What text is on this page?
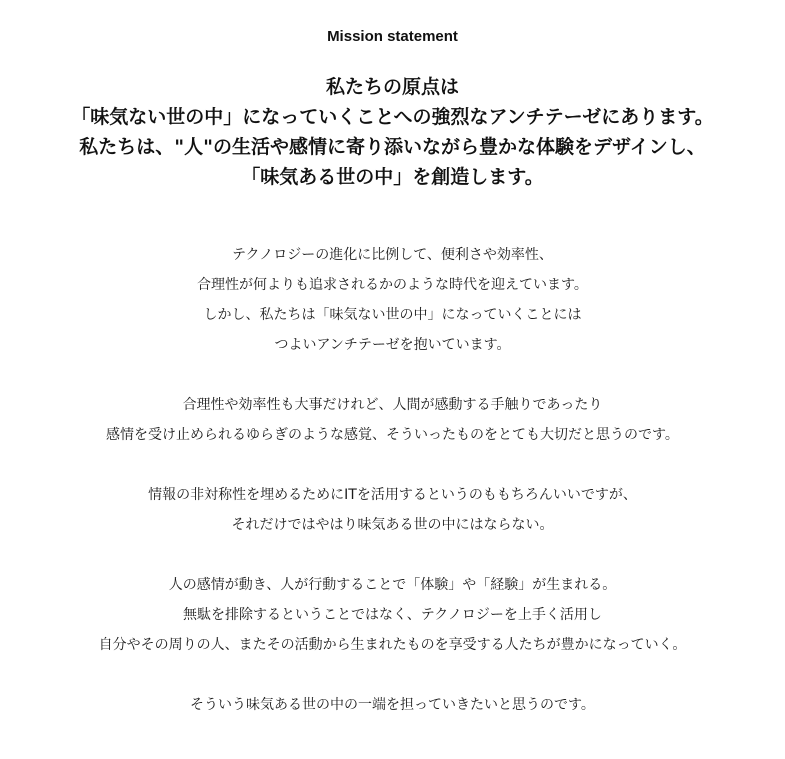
Mission statement
私たちの原点は
「味気ない世の中」になっていくことへの強烈なアンチテーゼにあります。
私たちは、"人"の生活や感情に寄り添いながら豊かな体験をデザインし、
「味気ある世の中」を創造します。

テクノロジーの進化に比例して、便利さや効率性、
合理性が何よりも追求されるかのような時代を迎えています。
しかし、私たちは「味気ない世の中」になっていくことには
つよいアンチテーゼを抱いています。

合理性や効率性も大事だけれど、人間が感動する手触りであったり
感情を受け止められるゆらぎのような感覚、そういったものをとても大切だと思うのです。

情報の非対称性を埋めるためにITを活用するというのももちろんいいですが、
それだけではやはり味気ある世の中にはならない。

人の感情が動き、人が行動することで「体験」や「経験」が生まれる。
無駄を排除するということではなく、テクノロジーを上手く活用し
自分やその周りの人、またその活動から生まれたものを享受する人たちが豊かになっていく。

そういう味気ある世の中の一端を担っていきたいと思うのです。
